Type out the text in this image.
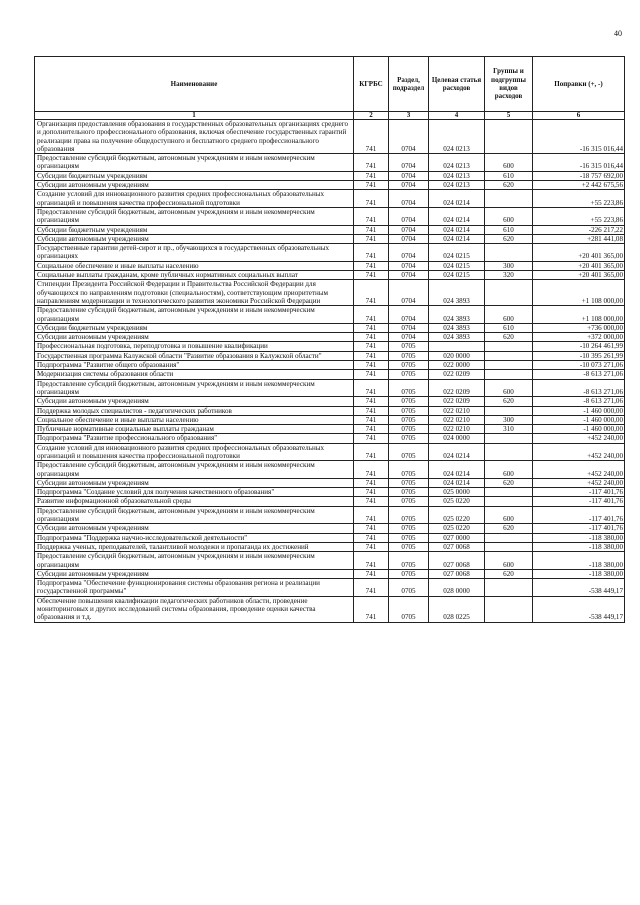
40
Наименование	КГРБС	Раздел, подраздел	Целевая статья расходов	Группы и подгруппы видов расходов	Поправки (+, -)
1	2	3	4	5	6
Организация предоставления образования в государственных образовательных организациях среднего и дополнительного профессионального образования, включая обеспечение государственных гарантий реализации права на получение общедоступного и бесплатного среднего профессионального образования	741	0704	024 0213		-16 315 016,44
Предоставление субсидий бюджетным, автономным учреждениям и иным некоммерческим организациям	741	0704	024 0213	600	-16 315 016,44
Субсидии бюджетным учреждениям	741	0704	024 0213	610	-18 757 692,00
Субсидии автономным учреждениям	741	0704	024 0213	620	+2 442 675,56
Создание условий для инновационного развития средних профессиональных образовательных организаций и повышения качества профессиональной подготовки	741	0704	024 0214		+55 223,86
Предоставление субсидий бюджетным, автономным учреждениям и иным некоммерческим организациям	741	0704	024 0214	600	+55 223,86
Субсидии бюджетным учреждениям	741	0704	024 0214	610	-226 217,22
Субсидии автономным учреждениям	741	0704	024 0214	620	+281 441,08
Государственные гарантии детей-сирот и пр., обучающихся в государственных образовательных организациях	741	0704	024 0215		+20 401 365,00
Социальное обеспечение и иные выплаты населению	741	0704	024 0215	300	+20 401 365,00
Социальные выплаты гражданам, кроме публичных нормативных социальных выплат	741	0704	024 0215	320	+20 401 365,00
Стипендии Президента Российской Федерации и Правительства Российской Федерации для обучающихся по направлениям подготовки (специальностям), соответствующим приоритетным направлениям модернизации и технологического развития экономики Российской Федерации	741	0704	024 3893		+1 108 000,00
Предоставление субсидий бюджетным, автономным учреждениям и иным некоммерческим организациям	741	0704	024 3893	600	+1 108 000,00
Субсидии бюджетным учреждениям	741	0704	024 3893	610	+736 000,00
Субсидии автономным учреждениям	741	0704	024 3893	620	+372 000,00
Профессиональная подготовка, переподготовка и повышение квалификации	741	0705			-10 264 461,99
Государственная программа Калужской области "Развитие образования в Калужской области"	741	0705	020 0000		-10 395 261,99
Подпрограмма "Развитие общего образования"	741	0705	022 0000		-10 073 271,06
Модернизация системы образования области	741	0705	022 0209		-8 613 271,06
Предоставление субсидий бюджетным, автономным учреждениям и иным некоммерческим организациям	741	0705	022 0209	600	-8 613 271,06
Субсидии автономным учреждениям	741	0705	022 0209	620	-8 613 271,06
Поддержка молодых специалистов - педагогических работников	741	0705	022 0210		-1 460 000,00
Социальное обеспечение и иные выплаты населению	741	0705	022 0210	300	-1 460 000,00
Публичные нормативные социальные выплаты гражданам	741	0705	022 0210	310	-1 460 000,00
Подпрограмма "Развитие профессионального образования"	741	0705	024 0000		+452 240,00
Создание условий для инновационного развития средних профессиональных образовательных организаций и повышения качества профессиональной подготовки	741	0705	024 0214		+452 240,00
Предоставление субсидий бюджетным, автономным учреждениям и иным некоммерческим организациям	741	0705	024 0214	600	+452 240,00
Субсидии автономным учреждениям	741	0705	024 0214	620	+452 240,00
Подпрограмма "Создание условий для получения качественного образования"	741	0705	025 0000		-117 401,76
Развитие информационной образовательной среды	741	0705	025 0220		-117 401,76
Предоставление субсидий бюджетным, автономным учреждениям и иным некоммерческим организациям	741	0705	025 0220	600	-117 401,76
Субсидии автономным учреждениям	741	0705	025 0220	620	-117 401,76
Подпрограмма "Поддержка научно-исследовательской деятельности"	741	0705	027 0000		-118 380,00
Поддержка ученых, преподавателей, талантливой молодежи и пропаганда их достижений	741	0705	027 0068		-118 380,00
Предоставление субсидий бюджетным, автономным учреждениям и иным некоммерческим организациям	741	0705	027 0068	600	-118 380,00
Субсидии автономным учреждениям	741	0705	027 0068	620	-118 380,00
Подпрограмма "Обеспечение функционирования системы образования региона и реализации государственной программы"	741	0705	028 0000		-538 449,17
Обеспечение повышения квалификации педагогических работников области, проведение мониторинговых и других исследований системы образования, проведение оценки качества образования и т.д.	741	0705	028 0225		-538 449,17
